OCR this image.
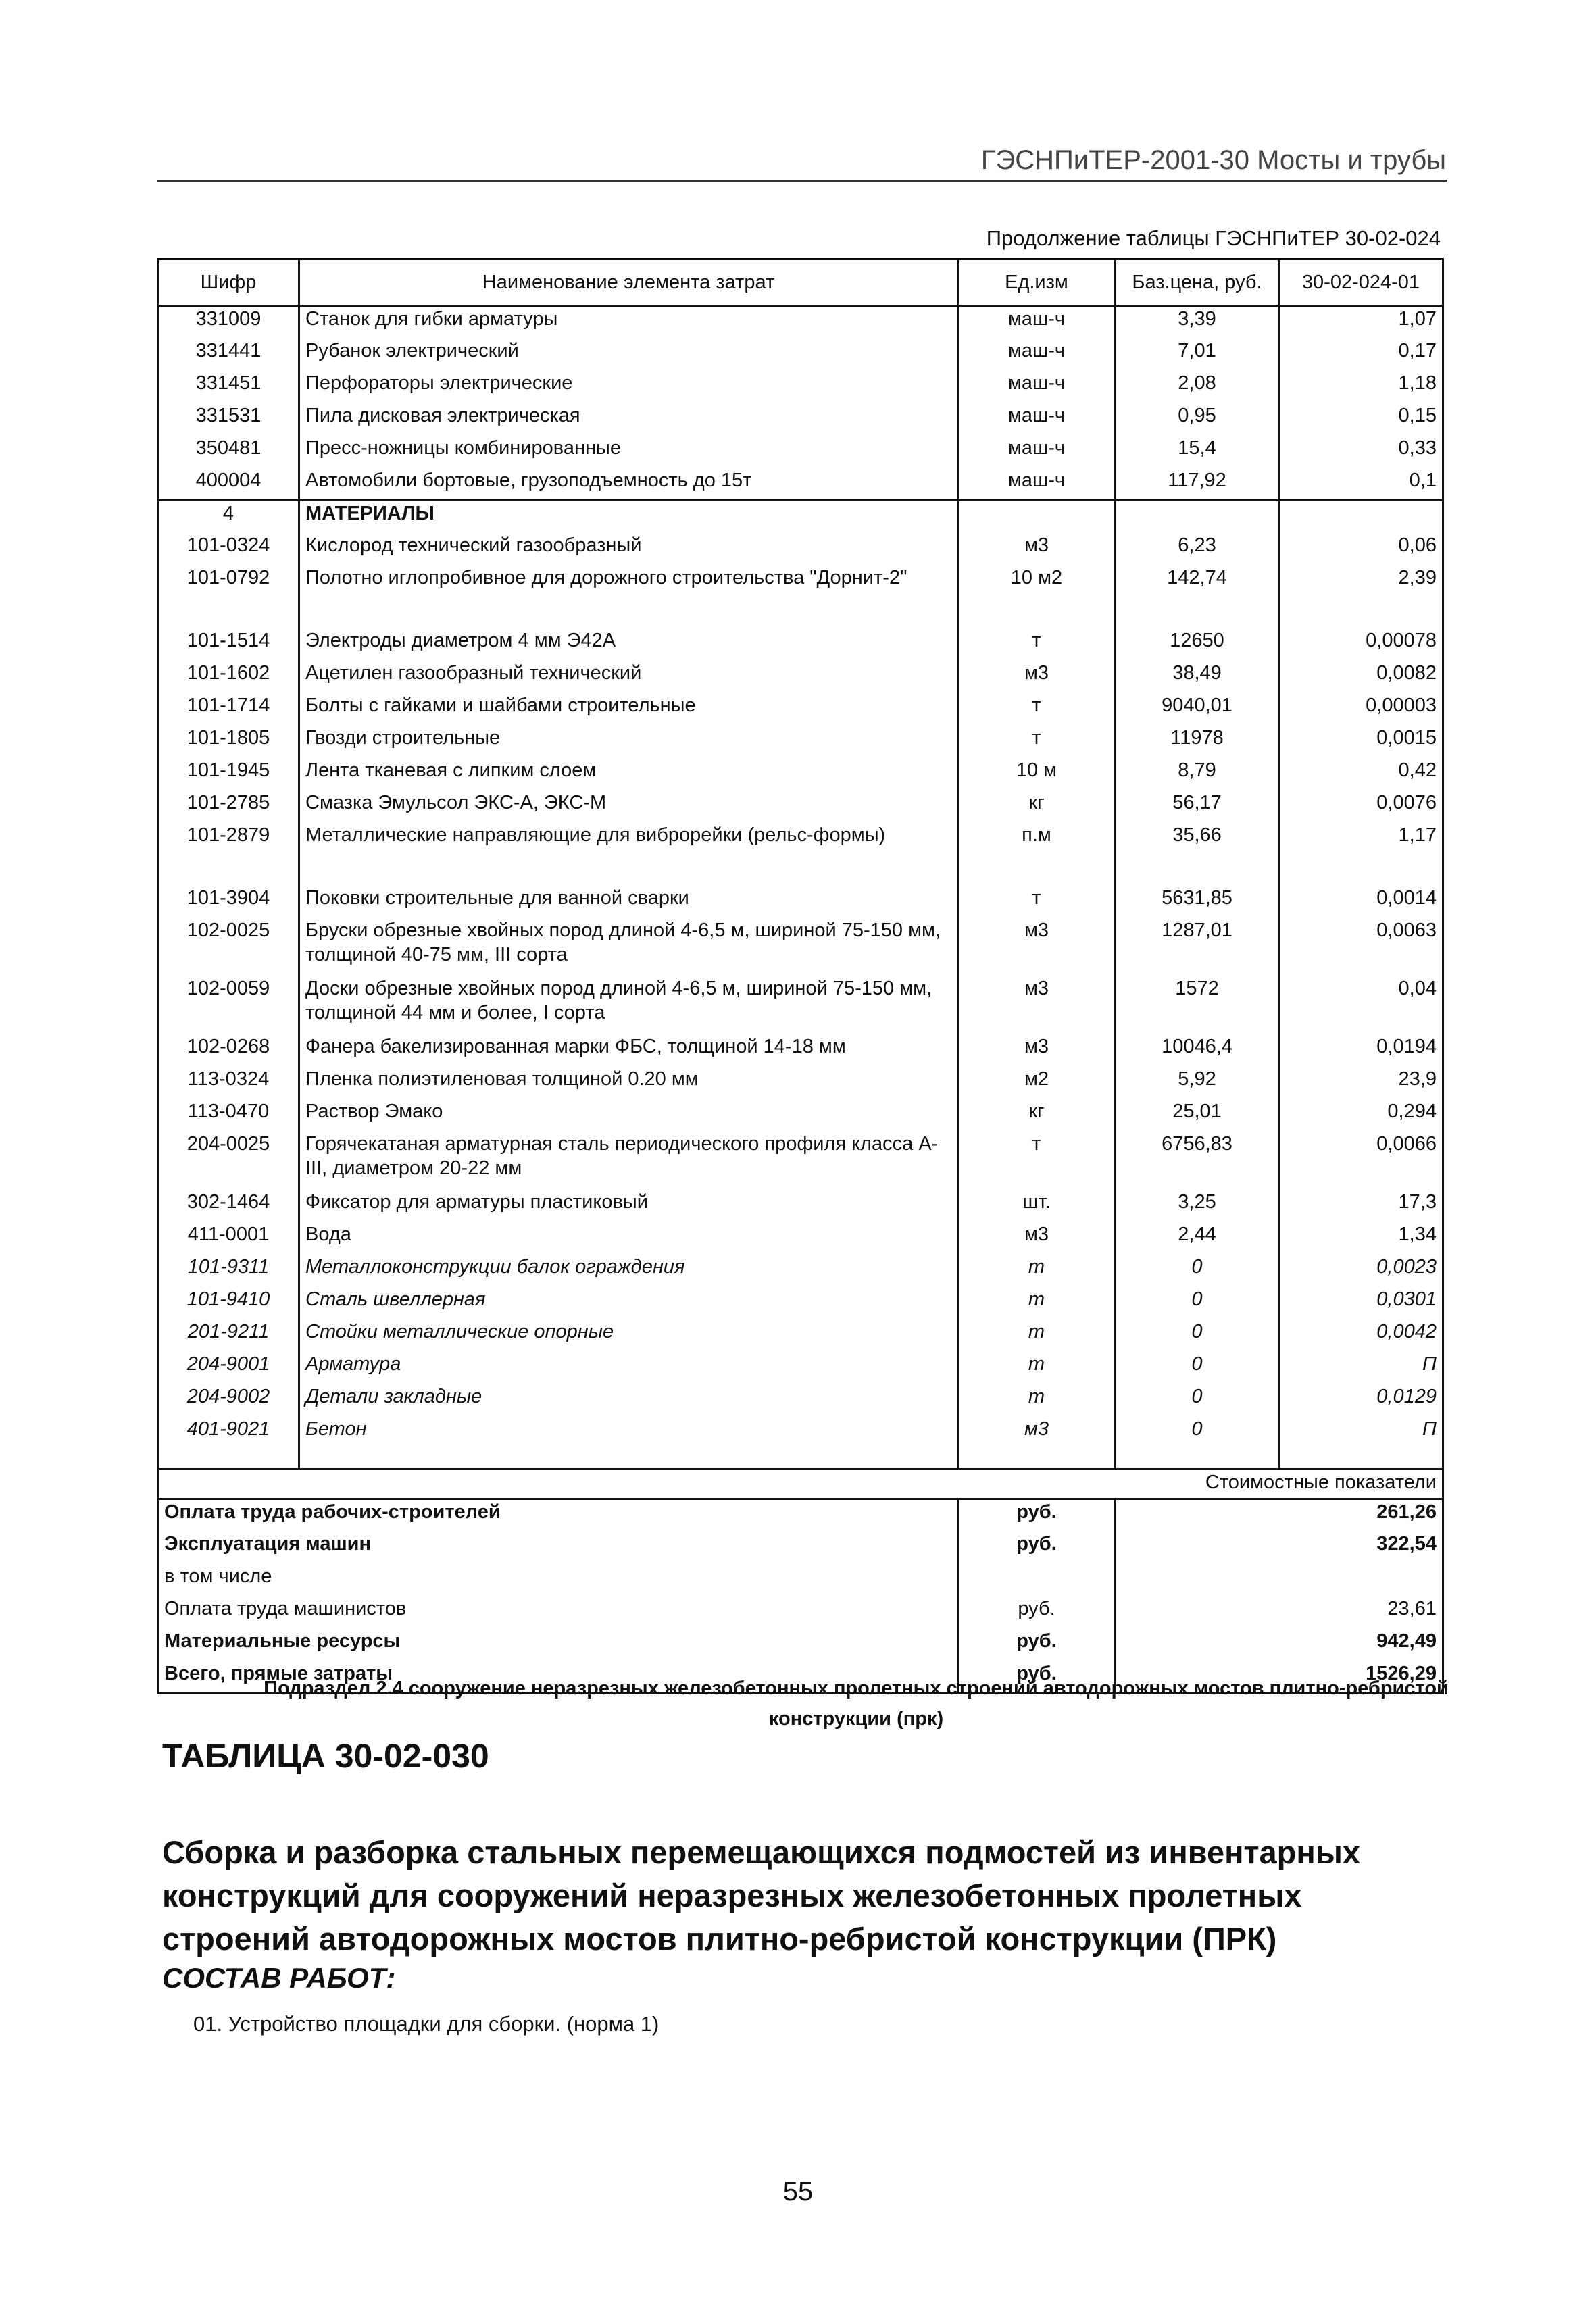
ГЭСНПиТЕР-2001-30 Мосты и трубы
Продолжение таблицы ГЭСНПиТЕР 30-02-024
Шифр	Наименование элемента затрат	Ед.изм	Баз.цена, руб.	30-02-024-01
331009	Станок для гибки арматуры	маш-ч	3,39	1,07
331441	Рубанок электрический	маш-ч	7,01	0,17
331451	Перфораторы электрические	маш-ч	2,08	1,18
331531	Пила дисковая электрическая	маш-ч	0,95	0,15
350481	Пресс-ножницы комбинированные	маш-ч	15,4	0,33
400004	Автомобили бортовые, грузоподъемность до 15т	маш-ч	117,92	0,1
4	МАТЕРИАЛЫ			
101-0324	Кислород технический газообразный	м3	6,23	0,06
101-0792	Полотно иглопробивное для дорожного строительства "Дорнит-2"	10 м2	142,74	2,39

101-1514	Электроды диаметром 4 мм Э42А	т	12650	0,00078
101-1602	Ацетилен газообразный технический	м3	38,49	0,0082
101-1714	Болты с гайками и шайбами строительные	т	9040,01	0,00003
101-1805	Гвозди строительные	т	11978	0,0015
101-1945	Лента тканевая с липким слоем	10 м	8,79	0,42
101-2785	Смазка Эмульсол ЭКС-А, ЭКС-М	кг	56,17	0,0076
101-2879	Металлические направляющие для виброрейки (рельс-формы)	п.м	35,66	1,17

101-3904	Поковки строительные для ванной сварки	т	5631,85	0,0014
102-0025	Бруски обрезные хвойных пород длиной 4-6,5 м, шириной 75-150 мм, толщиной 40-75 мм, III сорта	м3	1287,01	0,0063
102-0059	Доски обрезные хвойных пород длиной 4-6,5 м, шириной 75-150 мм, толщиной 44 мм и более, I сорта	м3	1572	0,04
102-0268	Фанера бакелизированная марки ФБС, толщиной 14-18 мм	м3	10046,4	0,0194
113-0324	Пленка полиэтиленовая толщиной 0.20 мм	м2	5,92	23,9
113-0470	Раствор Эмако	кг	25,01	0,294
204-0025	Горячекатаная арматурная сталь периодического профиля класса А-III, диаметром 20-22 мм	т	6756,83	0,0066
302-1464	Фиксатор для арматуры пластиковый	шт.	3,25	17,3
411-0001	Вода	м3	2,44	1,34
101-9311	Металлоконструкции балок ограждения	т	0	0,0023
101-9410	Сталь швеллерная	т	0	0,0301
201-9211	Стойки металлические опорные	т	0	0,0042
204-9001	Арматура	т	0	П
204-9002	Детали закладные	т	0	0,0129
401-9021	Бетон	м3	0	П

			Стоимостные показатели	
Оплата труда рабочих-строителей		руб.	261,26	
Эксплуатация машин		руб.	322,54	
в том числе				
Оплата труда машинистов		руб.	23,61	
Материальные ресурсы		руб.	942,49	
Всего, прямые затраты		руб.	1526,29	
Подраздел 2.4 сооружение неразрезных железобетонных пролетных строений автодорожных мостов плитно-ребристой конструкции (прк)
ТАБЛИЦА 30-02-030
Сборка и разборка стальных перемещающихся подмостей из инвентарных конструкций для сооружений неразрезных железобетонных пролетных строений автодорожных мостов плитно-ребристой конструкции (ПРК)
СОСТАВ РАБОТ:
01. Устройство площадки для сборки. (норма 1)
55
